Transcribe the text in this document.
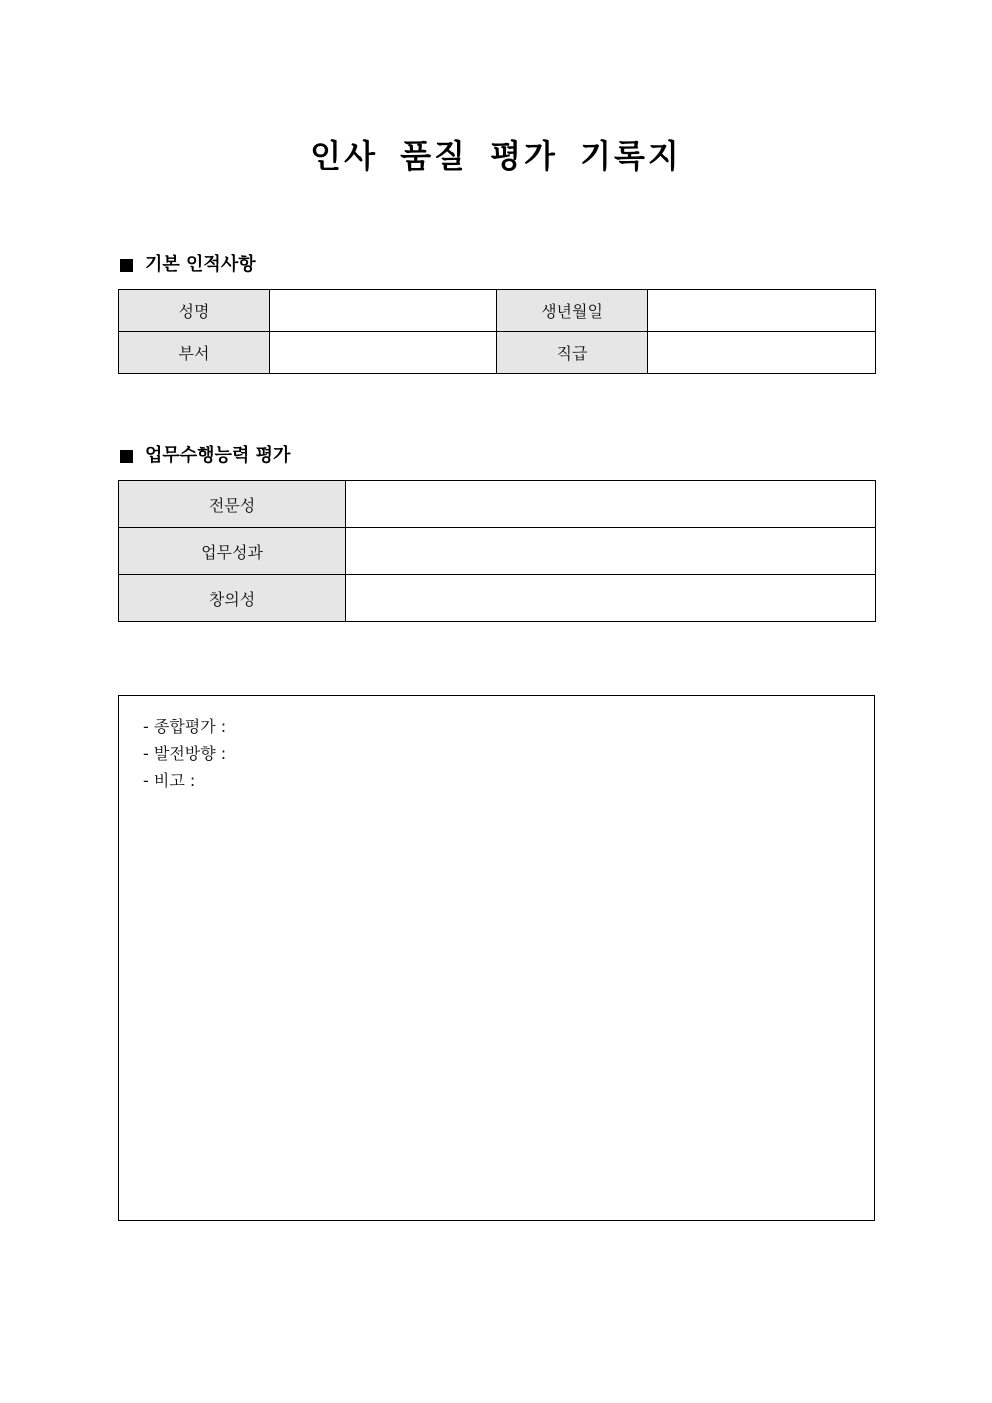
인사 품질 평가 기록지
기본 인적사항
성명		생년월일	
부서		직급	
업무수행능력 평가
전문성	
업무성과	
창의성	
- 종합평가 :
- 발전방향 :
- 비고 :
